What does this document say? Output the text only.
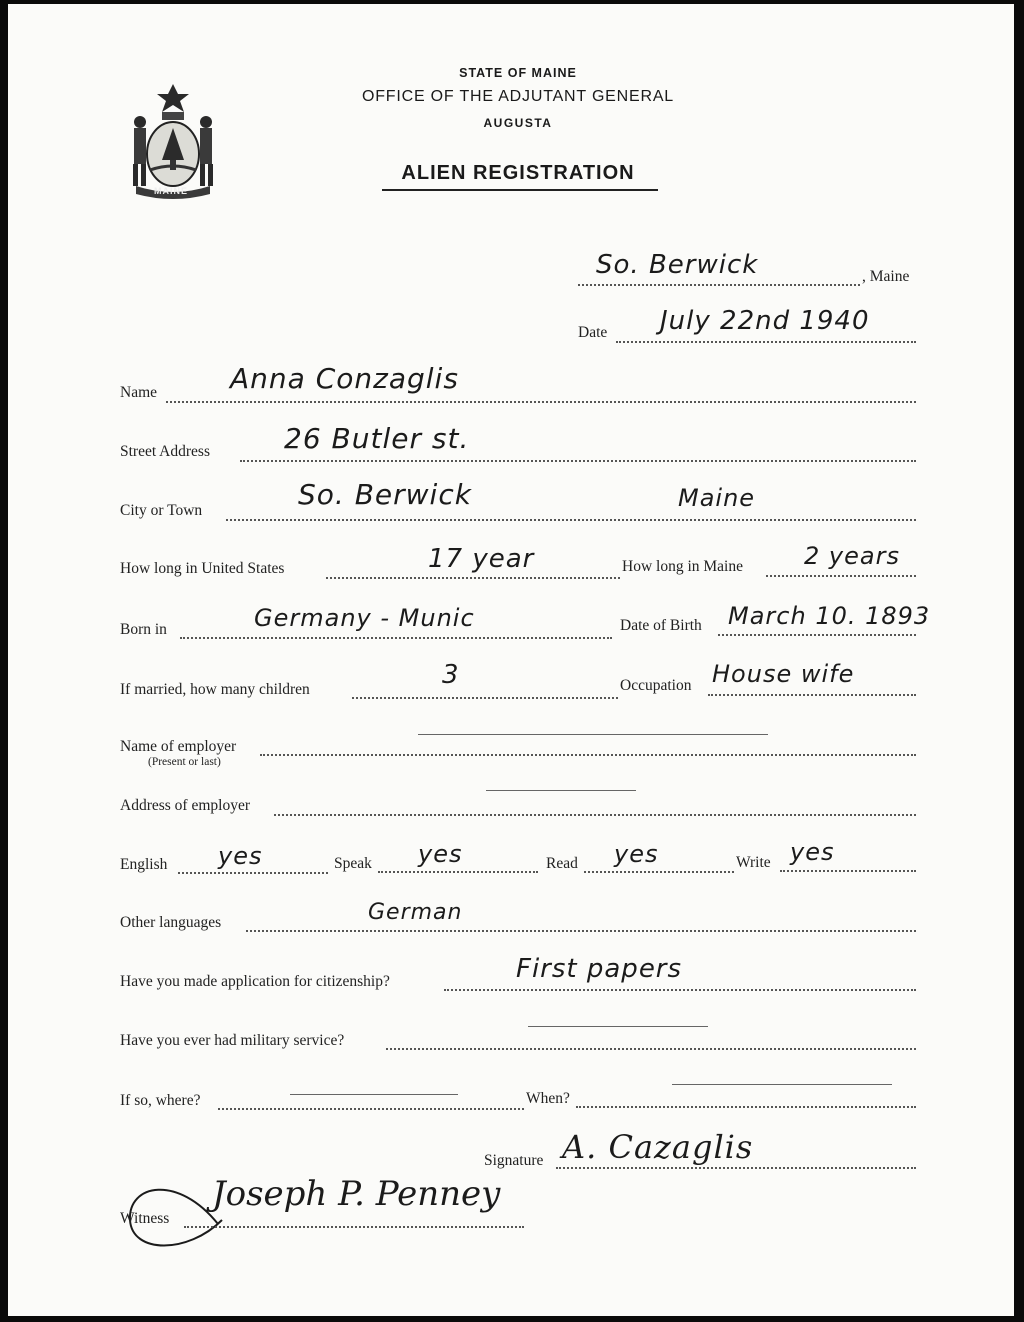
MAINE
STATE OF MAINE
OFFICE OF THE ADJUTANT GENERAL
AUGUSTA
ALIEN REGISTRATION
So. Berwick	, Maine
Date July 22nd 1940
Name	Anna Conzaglis
Street Address	26 Butler st.
City or Town	So. Berwick	Maine
How long in United States	17 year	How long in Maine	2 years
Born in	Germany - Munic	Date of Birth March 10. 1893
If married, how many children	3	Occupation House wife
Name of employer
(Present or last)
Address of employer
English yes	Speak yes	Read yes	Write yes
Other languages	German
Have you made application for citizenship?	First papers
Have you ever had military service?
If so, where?	When?
Signature A. Cazaglis
Witness
Joseph P. Penney
